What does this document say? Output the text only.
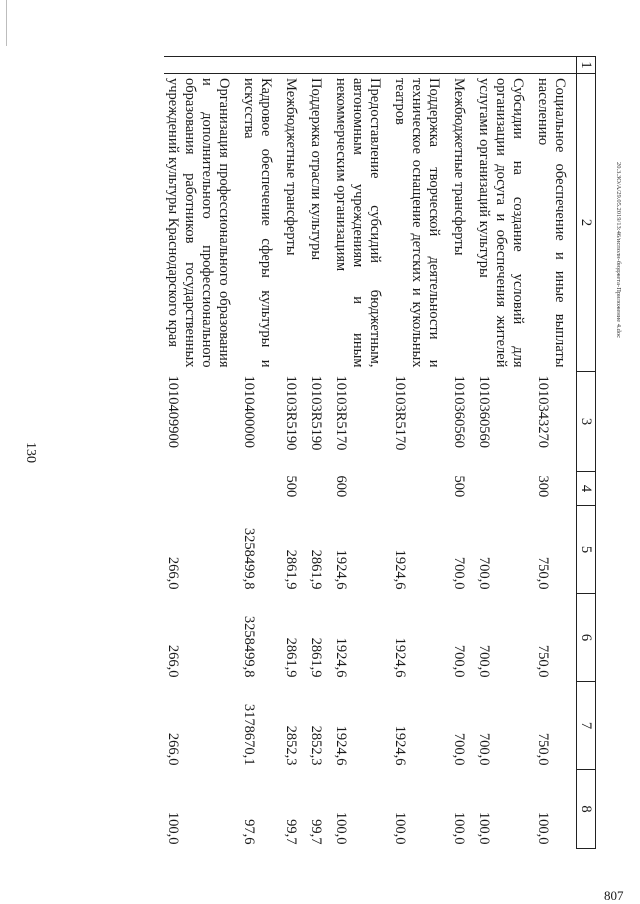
130
20.3.ЗО/А/29.05.2019/13:46/исполн-бюджета-Приложение 4.doc
807
1	2	3	4	5	6	7	8
	Социальное обеспечение и иные выплаты населению	1010343270	300	750,0	750,0	750,0	100,0
	Субсидии на создание условий для организации досуга и обеспечения жителей услугами организаций культуры	1010360560		700,0	700,0	700,0	100,0
	Межбюджетные трансферты	1010360560	500	700,0	700,0	700,0	100,0
	Поддержка творческой деятельности и техническое оснащение детских и кукольных театров	10103R5170		1924,6	1924,6	1924,6	100,0
	Предоставление субсидий бюджетным, автономным учреждениям и иным некоммерческим организациям	10103R5170	600	1924,6	1924,6	1924,6	100,0
	Поддержка отрасли культуры	10103R5190		2861,9	2861,9	2852,3	99,7
	Межбюджетные трансферты	10103R5190	500	2861,9	2861,9	2852,3	99,7
	Кадровое обеспечение сферы культуры и искусства	1010400000		3258499,8	3258499,8	3178670,1	97,6
	Организация профессионального образования и дополнительного профессионального образования работников государственных учреждений культуры Краснодарского края	1010409900		266,0	266,0	266,0	100,0
